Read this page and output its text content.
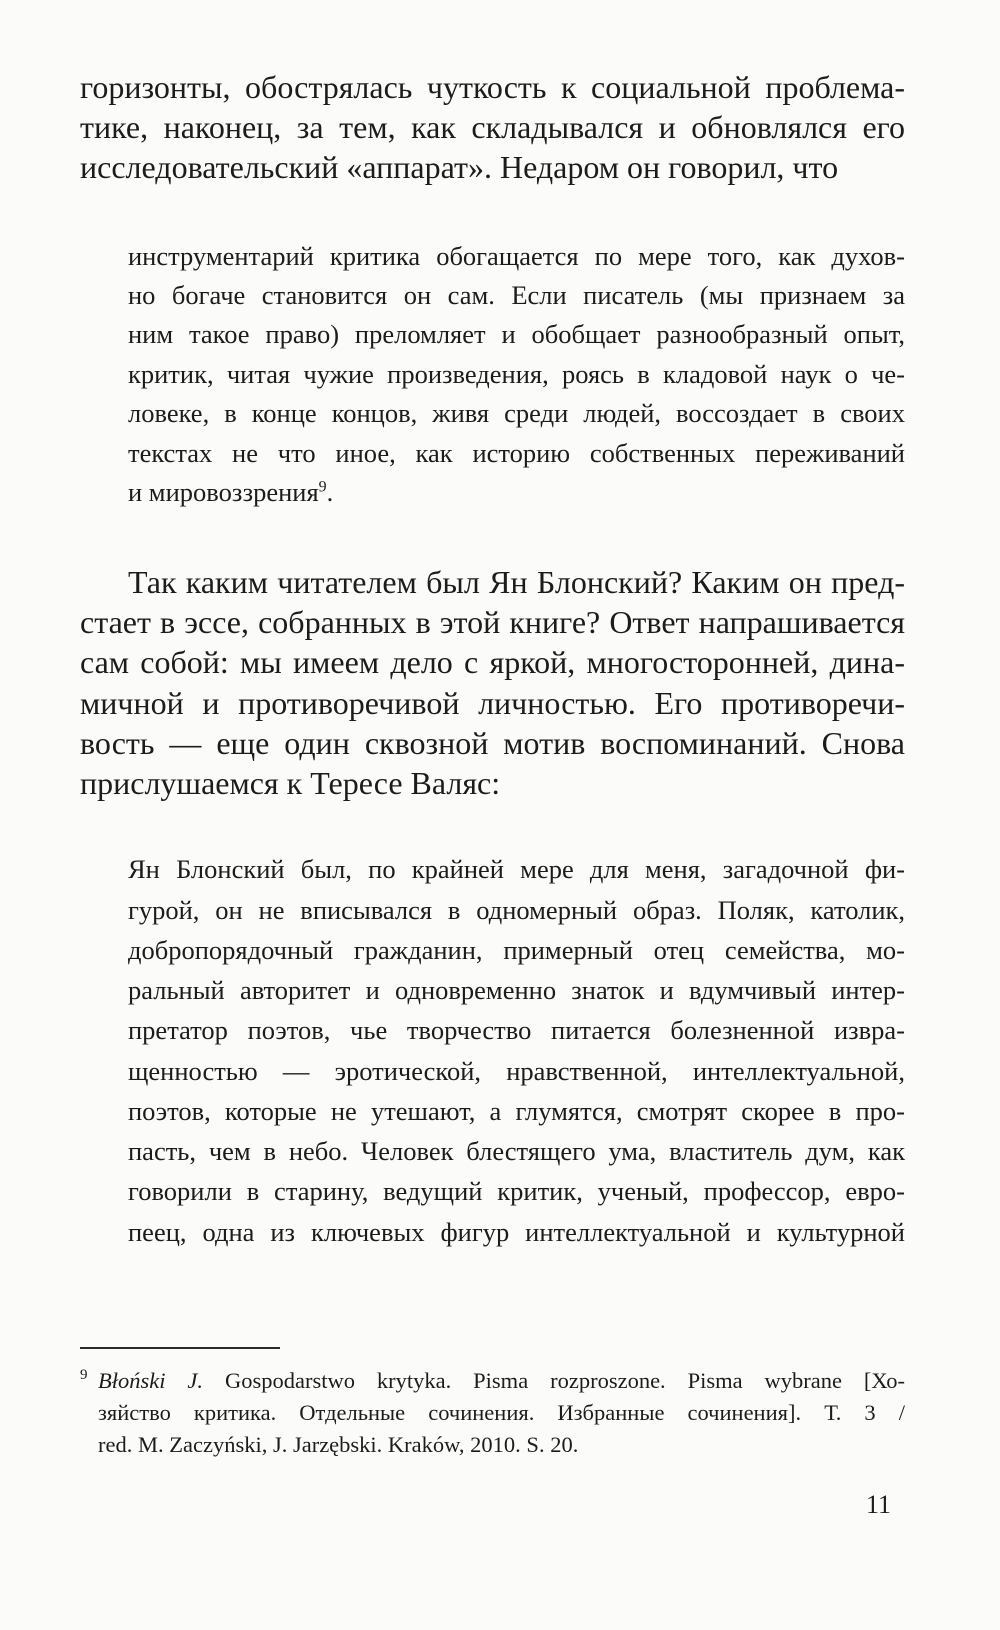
горизонты, обострялась чуткость к социальной проблема-

тике, наконец, за тем, как складывался и обновлялся его

исследовательский «аппарат». Недаром он говорил, что

инструментарий критика обогащается по мере того, как духов-

но богаче становится он сам. Если писатель (мы признаем за

ним такое право) преломляет и обобщает разнообразный опыт,

критик, читая чужие произведения, роясь в кладовой наук о че-

ловеке, в конце концов, живя среди людей, воссоздает в своих

текстах не что иное, как историю собственных переживаний

и мировоззрения$^9$.

Так каким читателем был Ян Блонский? Каким он пред-

стает в эссе, собранных в этой книге? Ответ напрашивается

сам собой: мы имеем дело с яркой, многосторонней, дина-

мичной и противоречивой личностью. Его противоречи-

вость — еще один сквозной мотив воспоминаний. Снова

прислушаемся к Тересе Валяс:

Ян Блонский был, по крайней мере для меня, загадочной фи-

гурой, он не вписывался в одномерный образ. Поляк, католик,

добропорядочный гражданин, примерный отец семейства, мо-

ральный авторитет и одновременно знаток и вдумчивый интер-

претатор поэтов, чье творчество питается болезненной извра-

щенностью — эротической, нравственной, интеллектуальной,

поэтов, которые не утешают, а глумятся, смотрят скорее в про-

пасть, чем в небо. Человек блестящего ума, властитель дум, как

говорили в старину, ведущий критик, ученый, профессор, евро-

пеец, одна из ключевых фигур интеллектуальной и культурной

9 Błoński J. Gospodarstwo krytyka. Pisma rozproszone. Pisma wybrane [Хо-

зяйство критика. Отдельные сочинения. Избранные сочинения]. Т. 3 /

red. M. Zaczyński, J. Jarzębski. Kraków, 2010. S. 20.

11
